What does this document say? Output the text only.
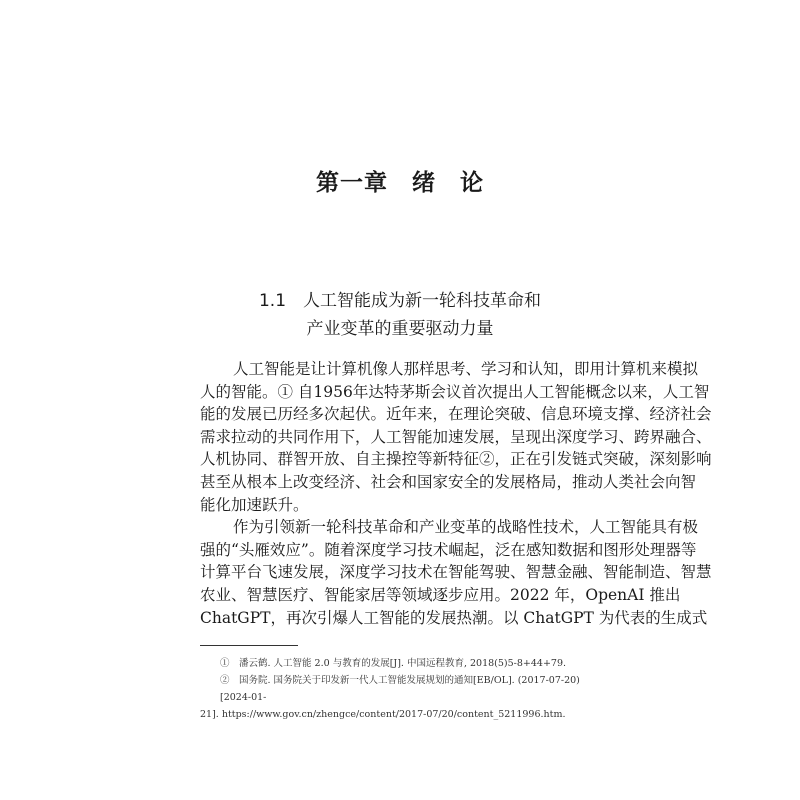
第一章　绪　论
1.1　人工智能成为新一轮科技革命和
产业变革的重要驱动力量
人工智能是让计算机像人那样思考、学习和认知，即用计算机来模拟
人的智能。① 自1956年达特茅斯会议首次提出人工智能概念以来，人工智
能的发展已历经多次起伏。近年来，在理论突破、信息环境支撑、经济社会
需求拉动的共同作用下，人工智能加速发展，呈现出深度学习、跨界融合、
人机协同、群智开放、自主操控等新特征②，正在引发链式突破，深刻影响
甚至从根本上改变经济、社会和国家安全的发展格局，推动人类社会向智
能化加速跃升。
作为引领新一轮科技革命和产业变革的战略性技术，人工智能具有极
强的“头雁效应”。随着深度学习技术崛起，泛在感知数据和图形处理器等
计算平台飞速发展，深度学习技术在智能驾驶、智慧金融、智能制造、智慧
农业、智慧医疗、智能家居等领域逐步应用。2022 年，OpenAI 推出
ChatGPT，再次引爆人工智能的发展热潮。以 ChatGPT 为代表的生成式
①　潘云鹤. 人工智能 2.0 与教育的发展[J]. 中国远程教育, 2018(5)5-8+44+79.
②　国务院. 国务院关于印发新一代人工智能发展规划的通知[EB/OL]. (2017-07-20)[2024-01-
21]. https://www.gov.cn/zhengce/content/2017-07/20/content_5211996.htm.
